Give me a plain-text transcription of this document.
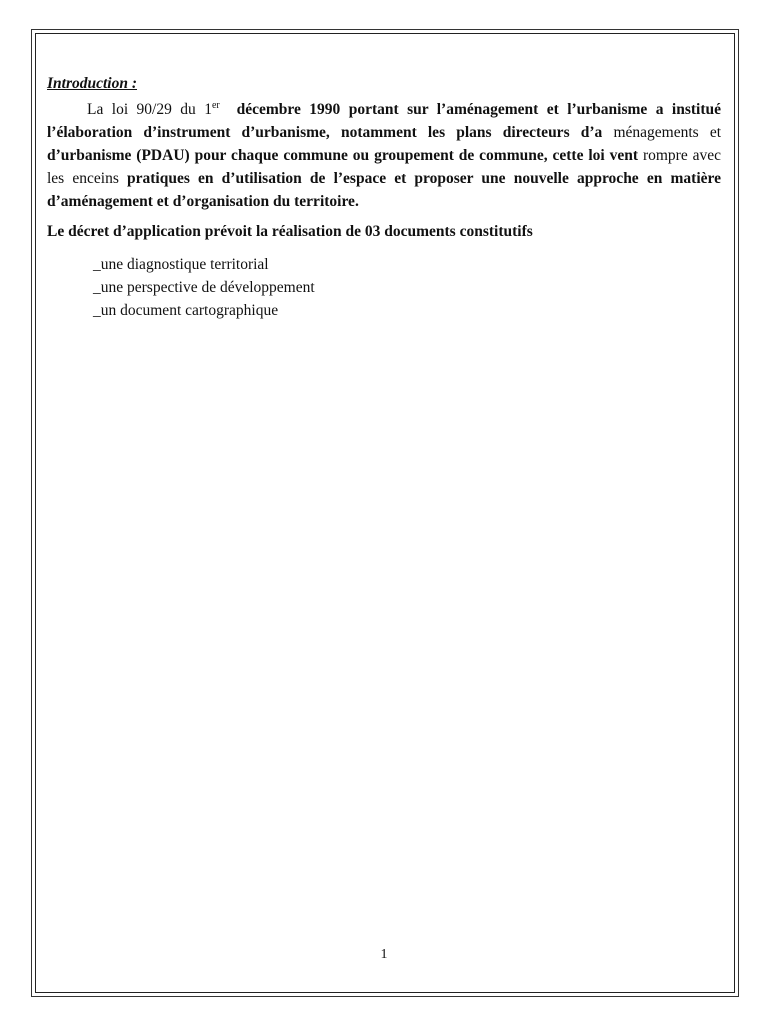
Introduction :

La loi 90/29 du 1er décembre 1990 portant sur l’aménagement et l’urbanisme a institué l’élaboration d’instrument d’urbanisme, notamment les plans directeurs d’a ménagements et d’urbanisme (PDAU) pour chaque commune ou groupement de commune, cette loi vent rompre avec les enceins pratiques en d’utilisation de l’espace et proposer une nouvelle approche en matière d’aménagement et d’organisation du territoire.

Le décret d’application prévoit la réalisation de 03 documents constitutifs

_une diagnostique territorial
_une perspective de développement
_un document cartographique
1
